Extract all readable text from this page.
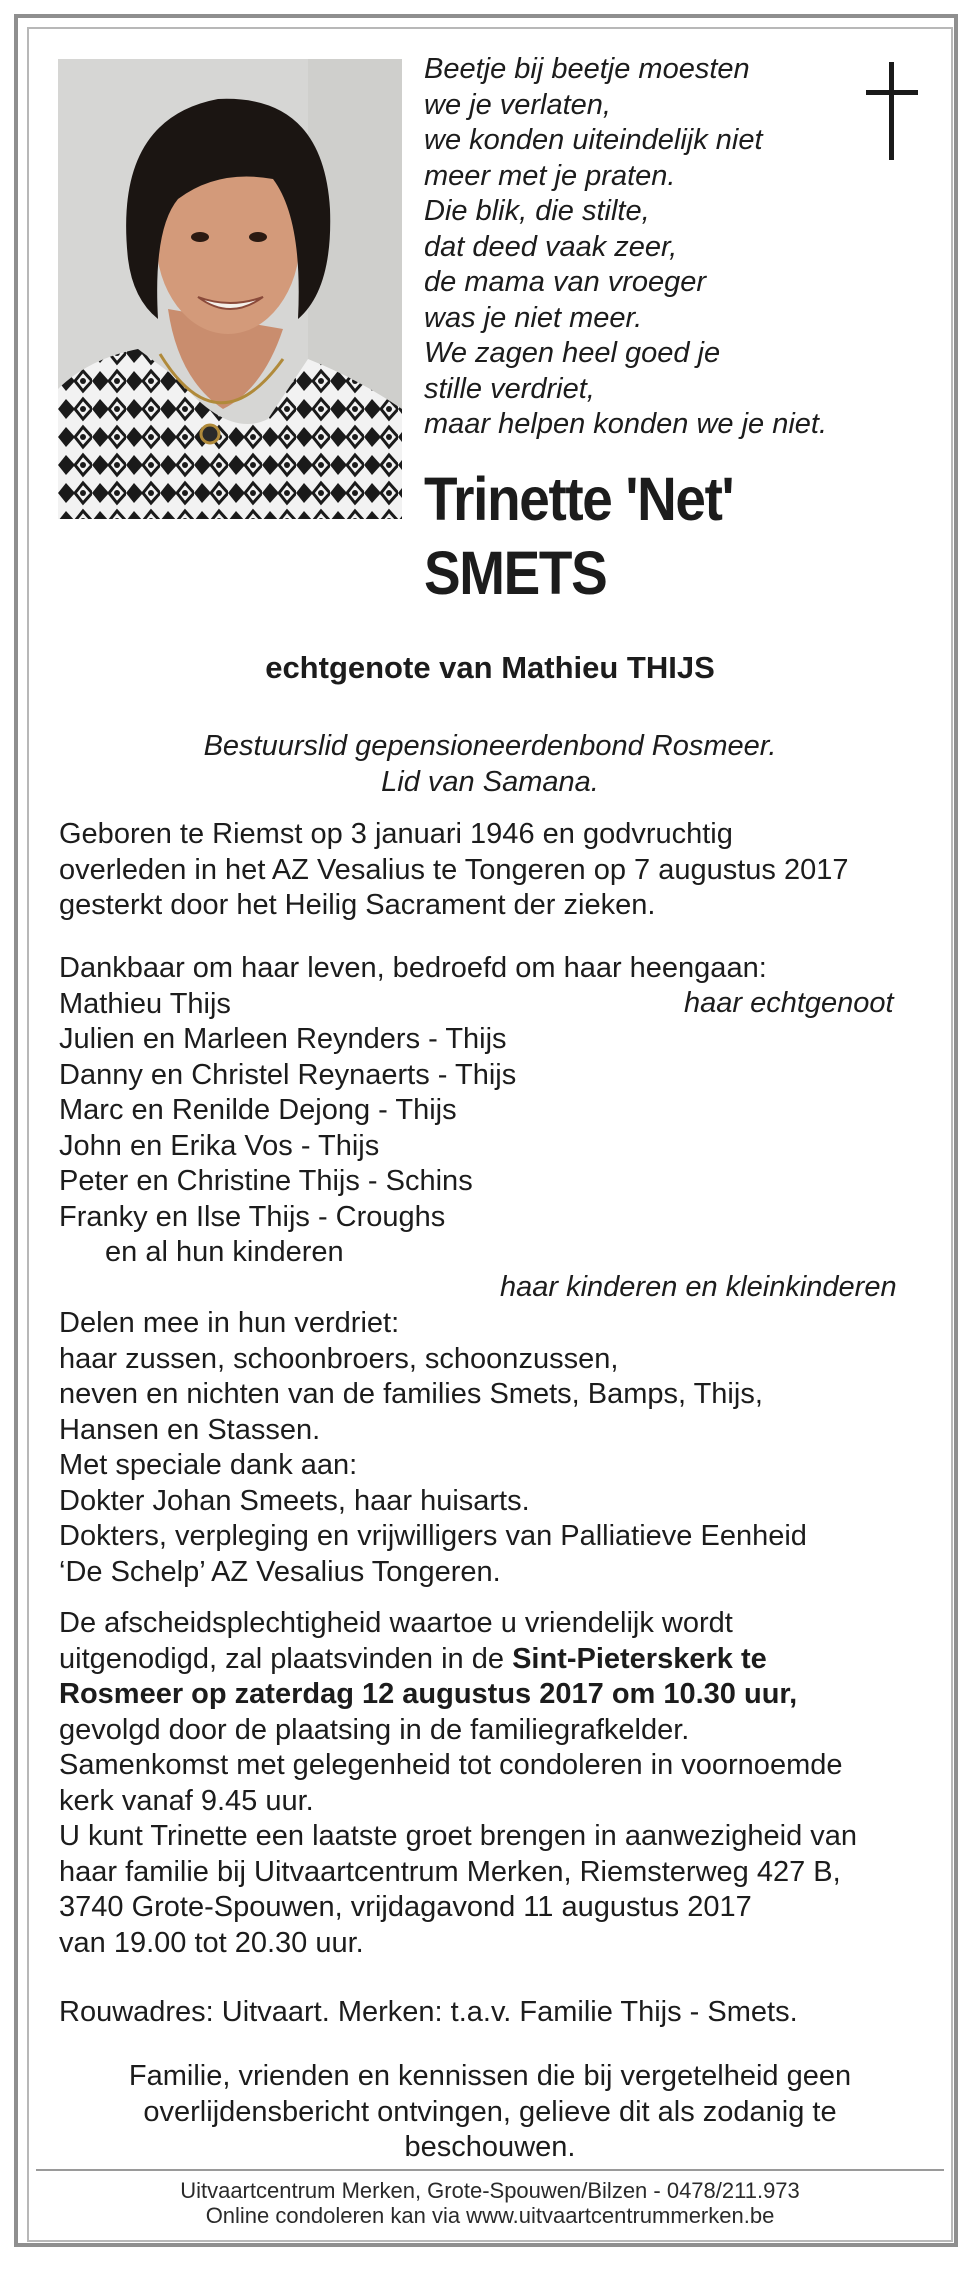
Beetje bij beetje moesten
we je verlaten,
we konden uiteindelijk niet
meer met je praten.
Die blik, die stilte,
dat deed vaak zeer,
de mama van vroeger
was je niet meer.
We zagen heel goed je
stille verdriet,
maar helpen konden we je niet.
Trinette 'Net'
SMETS
echtgenote van Mathieu THIJS
Bestuurslid gepensioneerdenbond Rosmeer.
Lid van Samana.
Geboren te Riemst op 3 januari 1946 en godvruchtig
overleden in het AZ Vesalius te Tongeren op 7 augustus 2017
gesterkt door het Heilig Sacrament der zieken.
Dankbaar om haar leven, bedroefd om haar heengaan:
Mathieu Thijs
Julien en Marleen Reynders - Thijs
Danny en Christel Reynaerts - Thijs
Marc en Renilde Dejong - Thijs
John en Erika Vos - Thijs
Peter en Christine Thijs - Schins
Franky en Ilse Thijs - Croughs
en al hun kinderen
Delen mee in hun verdriet:
haar zussen, schoonbroers, schoonzussen,
neven en nichten van de families Smets, Bamps, Thijs,
Hansen en Stassen.
Met speciale dank aan:
Dokter Johan Smeets, haar huisarts.
Dokters, verpleging en vrijwilligers van Palliatieve Eenheid
‘De Schelp’ AZ Vesalius Tongeren.
haar echtgenoot
haar kinderen en kleinkinderen
De afscheidsplechtigheid waartoe u vriendelijk wordt
uitgenodigd, zal plaatsvinden in de Sint-Pieterskerk te
Rosmeer op zaterdag 12 augustus 2017 om 10.30 uur,
gevolgd door de plaatsing in de familiegrafkelder.
Samenkomst met gelegenheid tot condoleren in voornoemde
kerk vanaf 9.45 uur.
U kunt Trinette een laatste groet brengen in aanwezigheid van
haar familie bij Uitvaartcentrum Merken, Riemsterweg 427 B,
3740 Grote-Spouwen, vrijdagavond 11 augustus 2017
van 19.00 tot 20.30 uur.
Rouwadres: Uitvaart. Merken: t.a.v. Familie Thijs - Smets.
Familie, vrienden en kennissen die bij vergetelheid geen
overlijdensbericht ontvingen, gelieve dit als zodanig te
beschouwen.
Uitvaartcentrum Merken, Grote-Spouwen/Bilzen - 0478/211.973
Online condoleren kan via www.uitvaartcentrummerken.be
